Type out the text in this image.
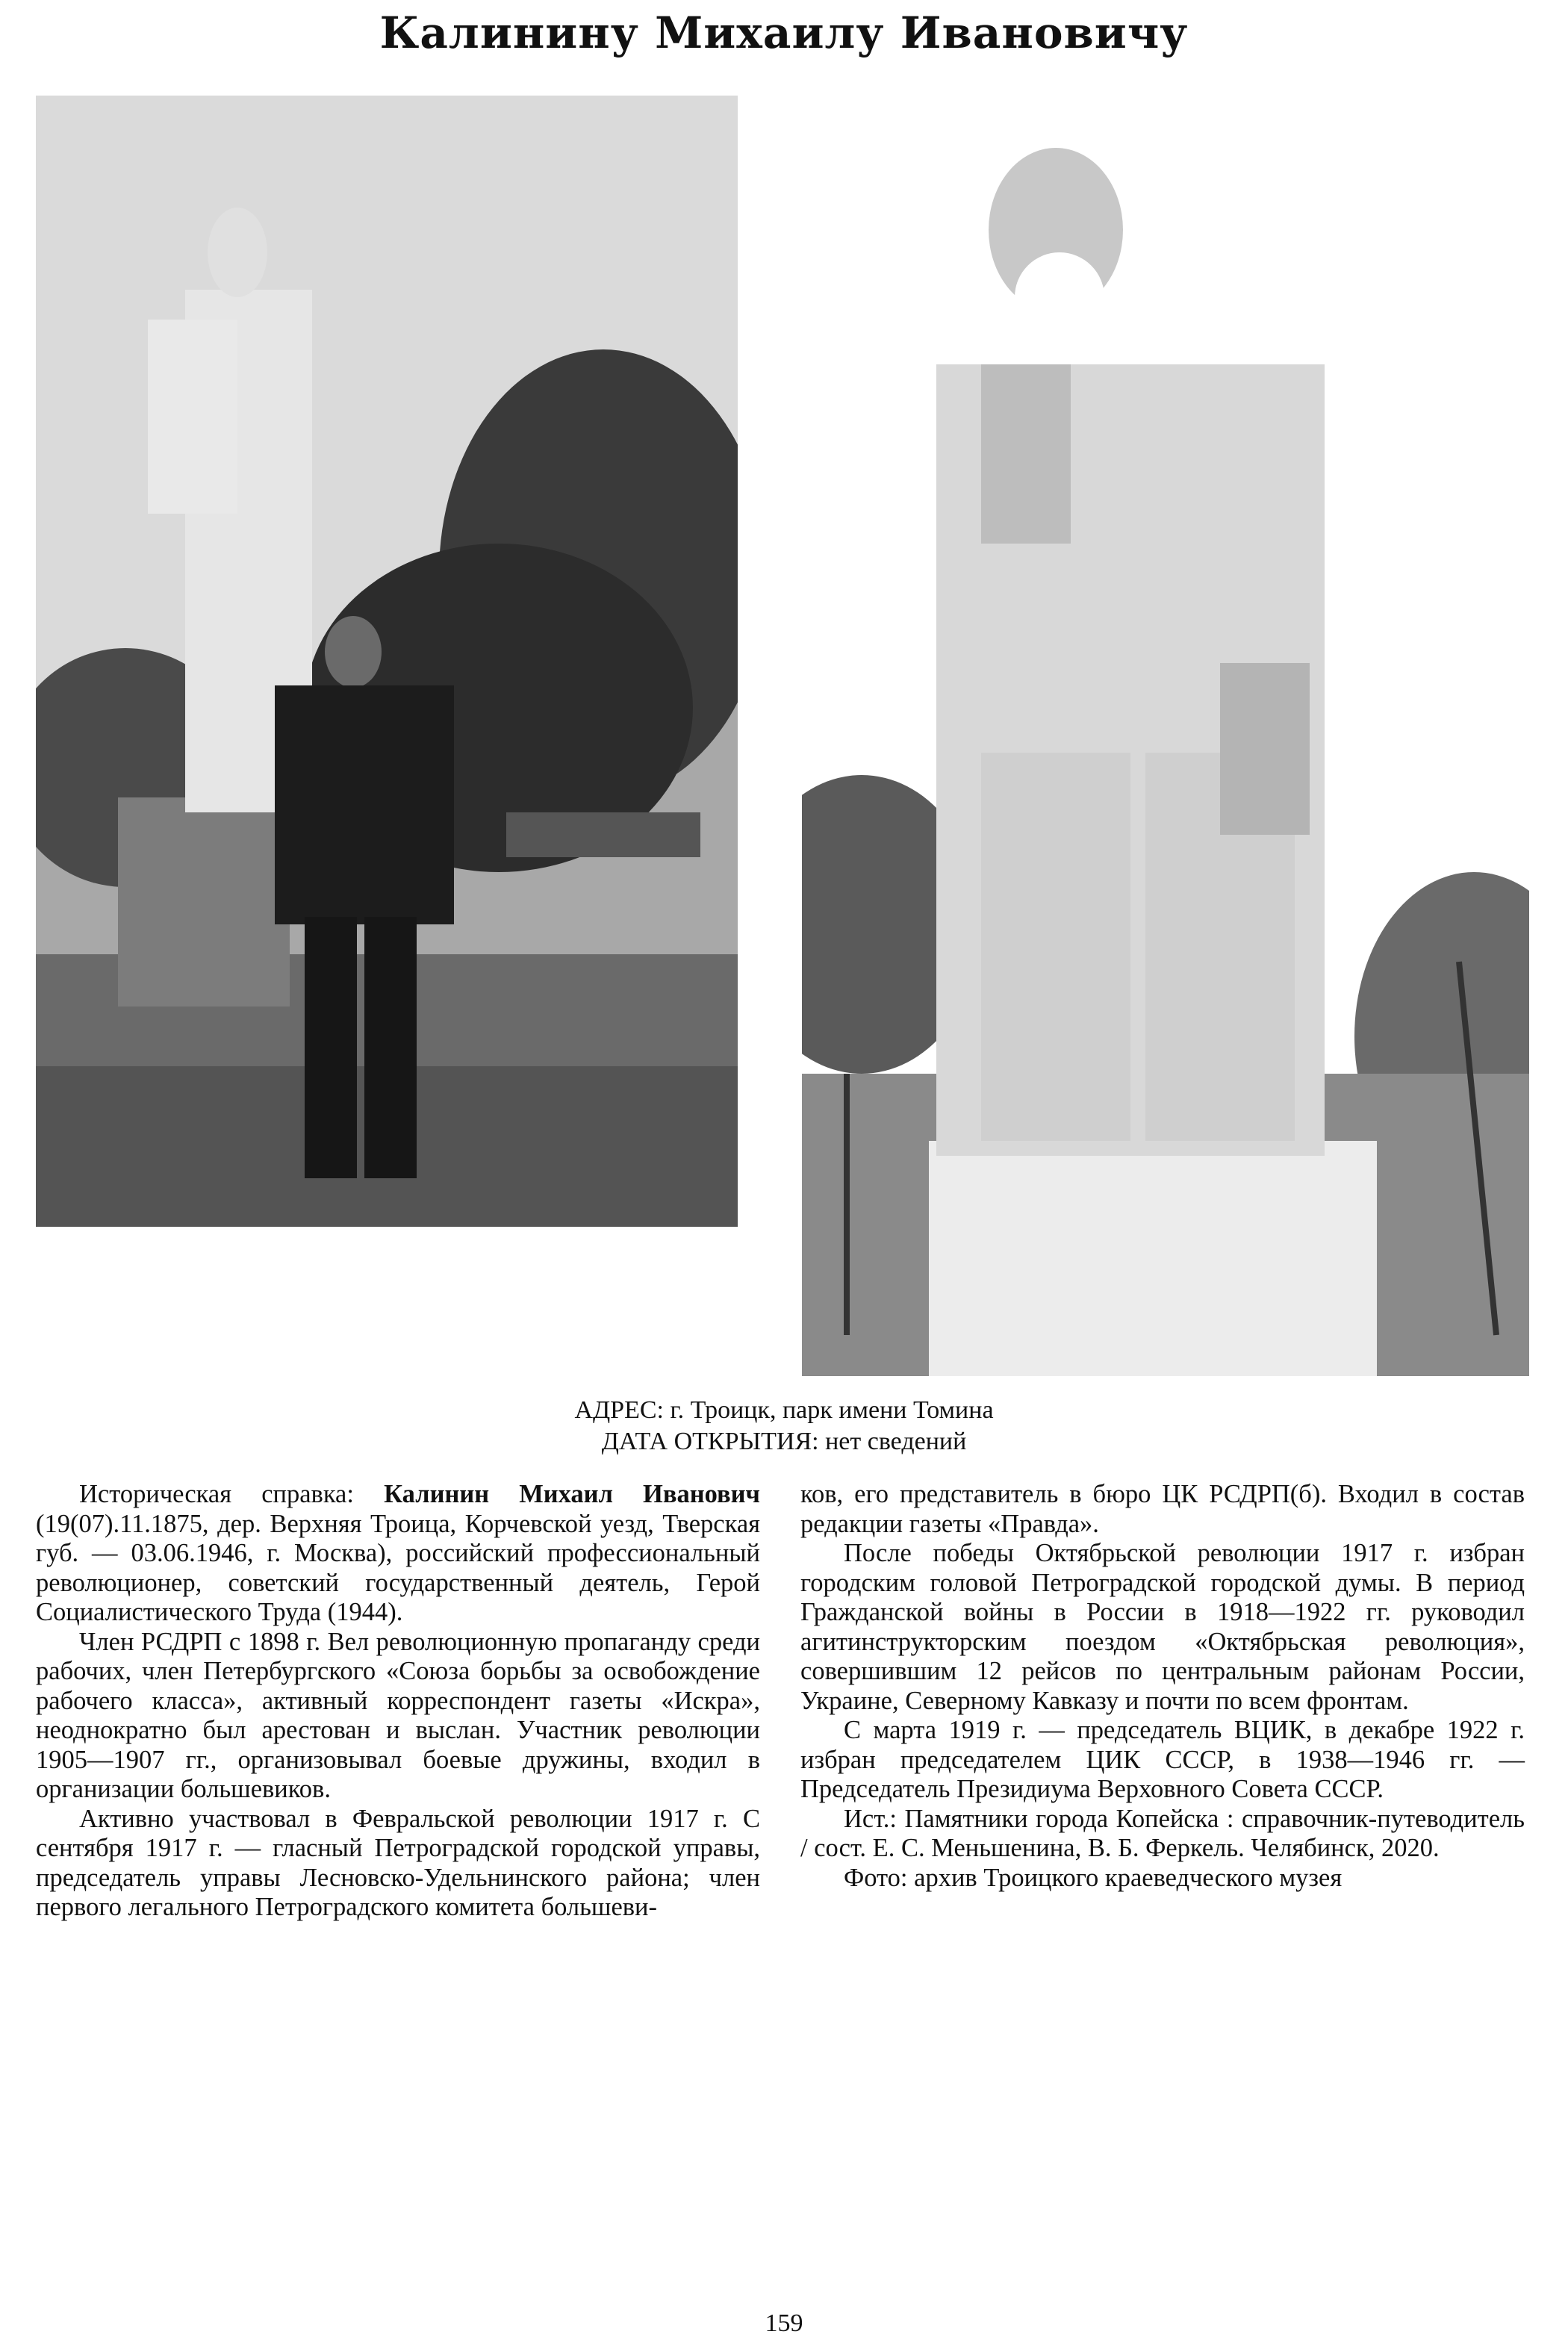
Калинину Михаилу Ивановичу
АДРЕС: г. Троицк, парк имени Томина
ДАТА ОТКРЫТИЯ: нет сведений

Историческая справка: Калинин Михаил Иванович (19(07).11.1875, дер. Верхняя Троица, Корчевской уезд, Тверская губ. — 03.06.1946, г. Москва), российский профессиональный революционер, советский государственный деятель, Герой Социалистического Труда (1944).

Член РСДРП с 1898 г. Вел революционную пропаганду среди рабочих, член Петербургского «Союза борьбы за освобождение рабочего класса», активный корреспондент газеты «Искра», неоднократно был арестован и выслан. Участник революции 1905—1907 гг., организовывал боевые дружины, входил в организации большевиков.

Активно участвовал в Февральской революции 1917 г. С сентября 1917 г. — гласный Петроградской городской управы, председатель управы Лесновско-Удельнинского района; член первого легального Петроградского комитета большеви-

ков, его представитель в бюро ЦК РСДРП(б). Входил в состав редакции газеты «Правда».

После победы Октябрьской революции 1917 г. избран городским головой Петроградской городской думы. В период Гражданской войны в России в 1918—1922 гг. руководил агитинструкторским поездом «Октябрьская революция», совершившим 12 рейсов по центральным районам России, Украине, Северному Кавказу и почти по всем фронтам.

С марта 1919 г. — председатель ВЦИК, в декабре 1922 г. избран председателем ЦИК СССР, в 1938—1946 гг. — Председатель Президиума Верховного Совета СССР.

Ист.: Памятники города Копейска : справочник-путеводитель / сост. Е. С. Меньшенина, В. Б. Феркель. Челябинск, 2020.

Фото: архив Троицкого краеведческого музея

159
